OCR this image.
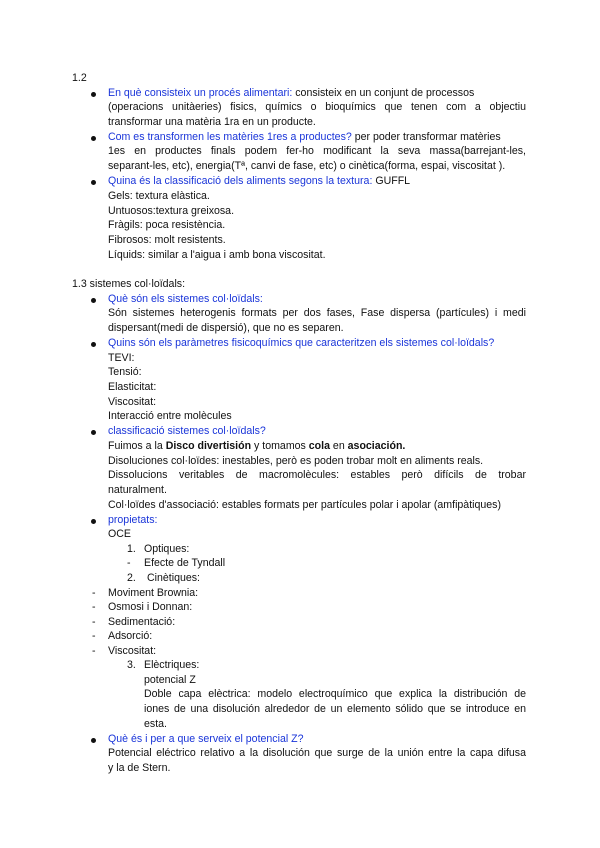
1.2
En què consisteix un procés alimentari: consisteix en un conjunt de processos
(operacions unitàeries) fisics, químics o bioquímics que tenen com a objectiu
transformar una matèria 1ra en un producte.
Com es transformen les matèries 1res a productes? per poder transformar matèries
1es en productes finals podem fer-ho modificant la seva massa(barrejant-les,
separant-les, etc), energia(Tª, canvi de fase, etc) o cinètica(forma, espai, viscositat ).
Quina és la classificació dels aliments segons la textura: GUFFL
Gels: textura elàstica.
Untuosos:textura greixosa.
Fràgils: poca resistència.
Fibrosos: molt resistents.
Líquids: similar a l'aigua i amb bona viscositat.
1.3 sistemes col·loïdals:
Què són els sistemes col·loïdals:
Són sistemes heterogenis formats per dos fases, Fase dispersa (partícules) i medi
dispersant(medi de dispersió), que no es separen.
Quins són els paràmetres fisicoquímics que caracteritzen els sistemes col·loïdals?
TEVI:
Tensió:
Elasticitat:
Viscositat:
Interacció entre molècules
classificació sistemes col·loïdals?
Fuimos a la Disco divertisión y tomamos cola en asociación.
Disoluciones col·loïdes: inestables, però es poden trobar molt en aliments reals.
Dissolucions veritables de macromolècules: estables però difícils de trobar
naturalment.
Col·loïdes d'associació: estables formats per partícules polar i apolar (amfipàtiques)
propietats:
OCE
1. Optiques:
- Efecte de Tyndall
2. Cinètiques:
- Moviment Brownia:
- Osmosi i Donnan:
- Sedimentació:
- Adsorció:
- Viscositat:
3. Elèctriques:
potencial Z
Doble capa elèctrica: modelo electroquímico que explica la distribución de
iones de una disolución alrededor de un elemento sólido que se introduce en
esta.
Què és i per a que serveix el potencial Z?
Potencial eléctrico relativo a la disolución que surge de la unión entre la capa difusa
y la de Stern.
